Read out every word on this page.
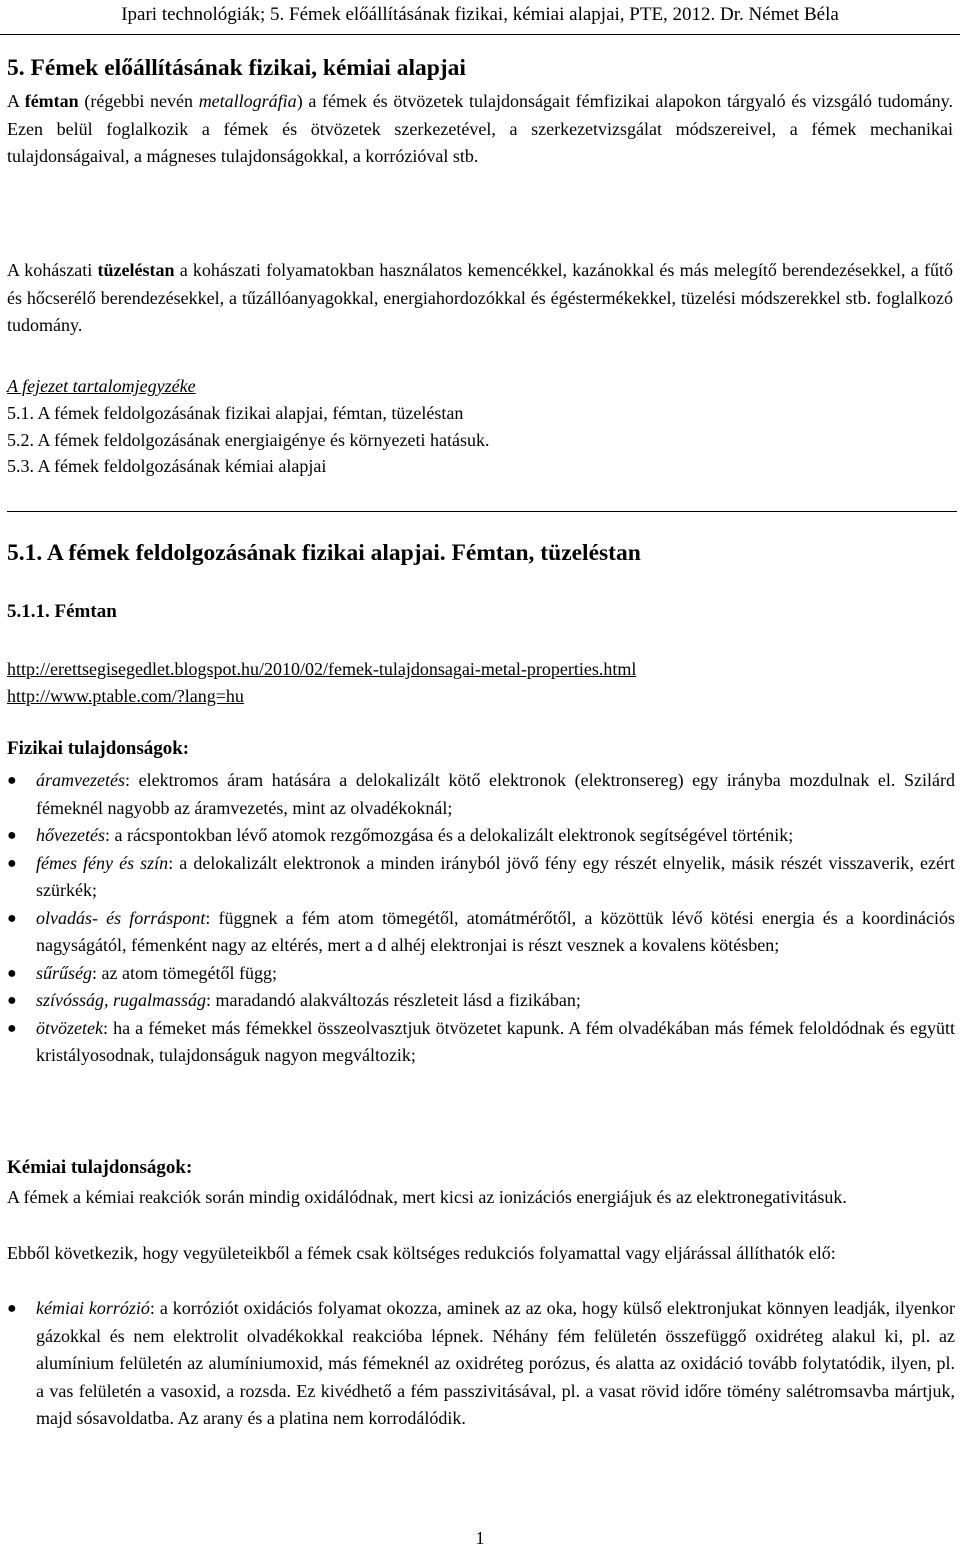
Ipari technológiák; 5. Fémek előállításának fizikai, kémiai alapjai, PTE, 2012. Dr. Német Béla
5. Fémek előállításának fizikai, kémiai alapjai
A fémtan (régebbi nevén metallográfia) a fémek és ötvözetek tulajdonságait fémfizikai alapokon tárgyaló és vizsgáló tudomány. Ezen belül foglalkozik a fémek és ötvözetek szerkezetével, a szerkezetvizsgálat módszereivel, a fémek mechanikai tulajdonságaival, a mágneses tulajdonságokkal, a korrózióval stb.
A kohászati tüzeléstan a kohászati folyamatokban használatos kemencékkel, kazánokkal és más melegítő berendezésekkel, a fűtő és hőcserélő berendezésekkel, a tűzállóanyagokkal, energiahordozókkal és égéstermékekkel, tüzelési módszerekkel stb. foglalkozó tudomány.
A fejezet tartalomjegyzéke
5.1. A fémek feldolgozásának fizikai alapjai, fémtan, tüzeléstan
5.2. A fémek feldolgozásának energiaigénye és környezeti hatásuk.
5.3. A fémek feldolgozásának kémiai alapjai
5.1. A fémek feldolgozásának fizikai alapjai. Fémtan, tüzeléstan
5.1.1. Fémtan
http://erettsegisegedlet.blogspot.hu/2010/02/femek-tulajdonsagai-metal-properties.html
http://www.ptable.com/?lang=hu
Fizikai tulajdonságok:
● áramvezetés: elektromos áram hatására a delokalizált kötő elektronok (elektronsereg) egy irányba mozdulnak el. Szilárd fémeknél nagyobb az áramvezetés, mint az olvadékoknál;
● hővezetés: a rácspontokban lévő atomok rezgőmozgása és a delokalizált elektronok segítségével történik;
● fémes fény és szín: a delokalizált elektronok a minden irányból jövő fény egy részét elnyelik, másik részét visszaverik, ezért szürkék;
● olvadás- és forráspont: függnek a fém atom tömegétől, atomátmérőtől, a közöttük lévő kötési energia és a koordinációs nagyságától, fémenként nagy az eltérés, mert a d alhéj elektronjai is részt vesznek a kovalens kötésben;
● sűrűség: az atom tömegétől függ;
● szívósság, rugalmasság: maradandó alakváltozás részleteit lásd a fizikában;
● ötvözetek: ha a fémeket más fémekkel összeolvasztjuk ötvözetet kapunk. A fém olvadékában más fémek feloldódnak és együtt kristályosodnak, tulajdonságuk nagyon megváltozik;
Kémiai tulajdonságok:
A fémek a kémiai reakciók során mindig oxidálódnak, mert kicsi az ionizációs energiájuk és az elektronegativitásuk.
Ebből következik, hogy vegyületeikből a fémek csak költséges redukciós folyamattal vagy eljárással állíthatók elő:
● kémiai korrózió: a korróziót oxidációs folyamat okozza, aminek az az oka, hogy külső elektronjukat könnyen leadják, ilyenkor gázokkal és nem elektrolit olvadékokkal reakcióba lépnek. Néhány fém felületén összefüggő oxidréteg alakul ki, pl. az alumínium felületén az alumíniumoxid, más fémeknél az oxidréteg porózus, és alatta az oxidáció tovább folytatódik, ilyen, pl. a vas felületén a vasoxid, a rozsda. Ez kivédhető a fém passzivitásával, pl. a vasat rövid időre tömény salétromsavba mártjuk, majd sósavoldatba. Az arany és a platina nem korrodálódik.
1
